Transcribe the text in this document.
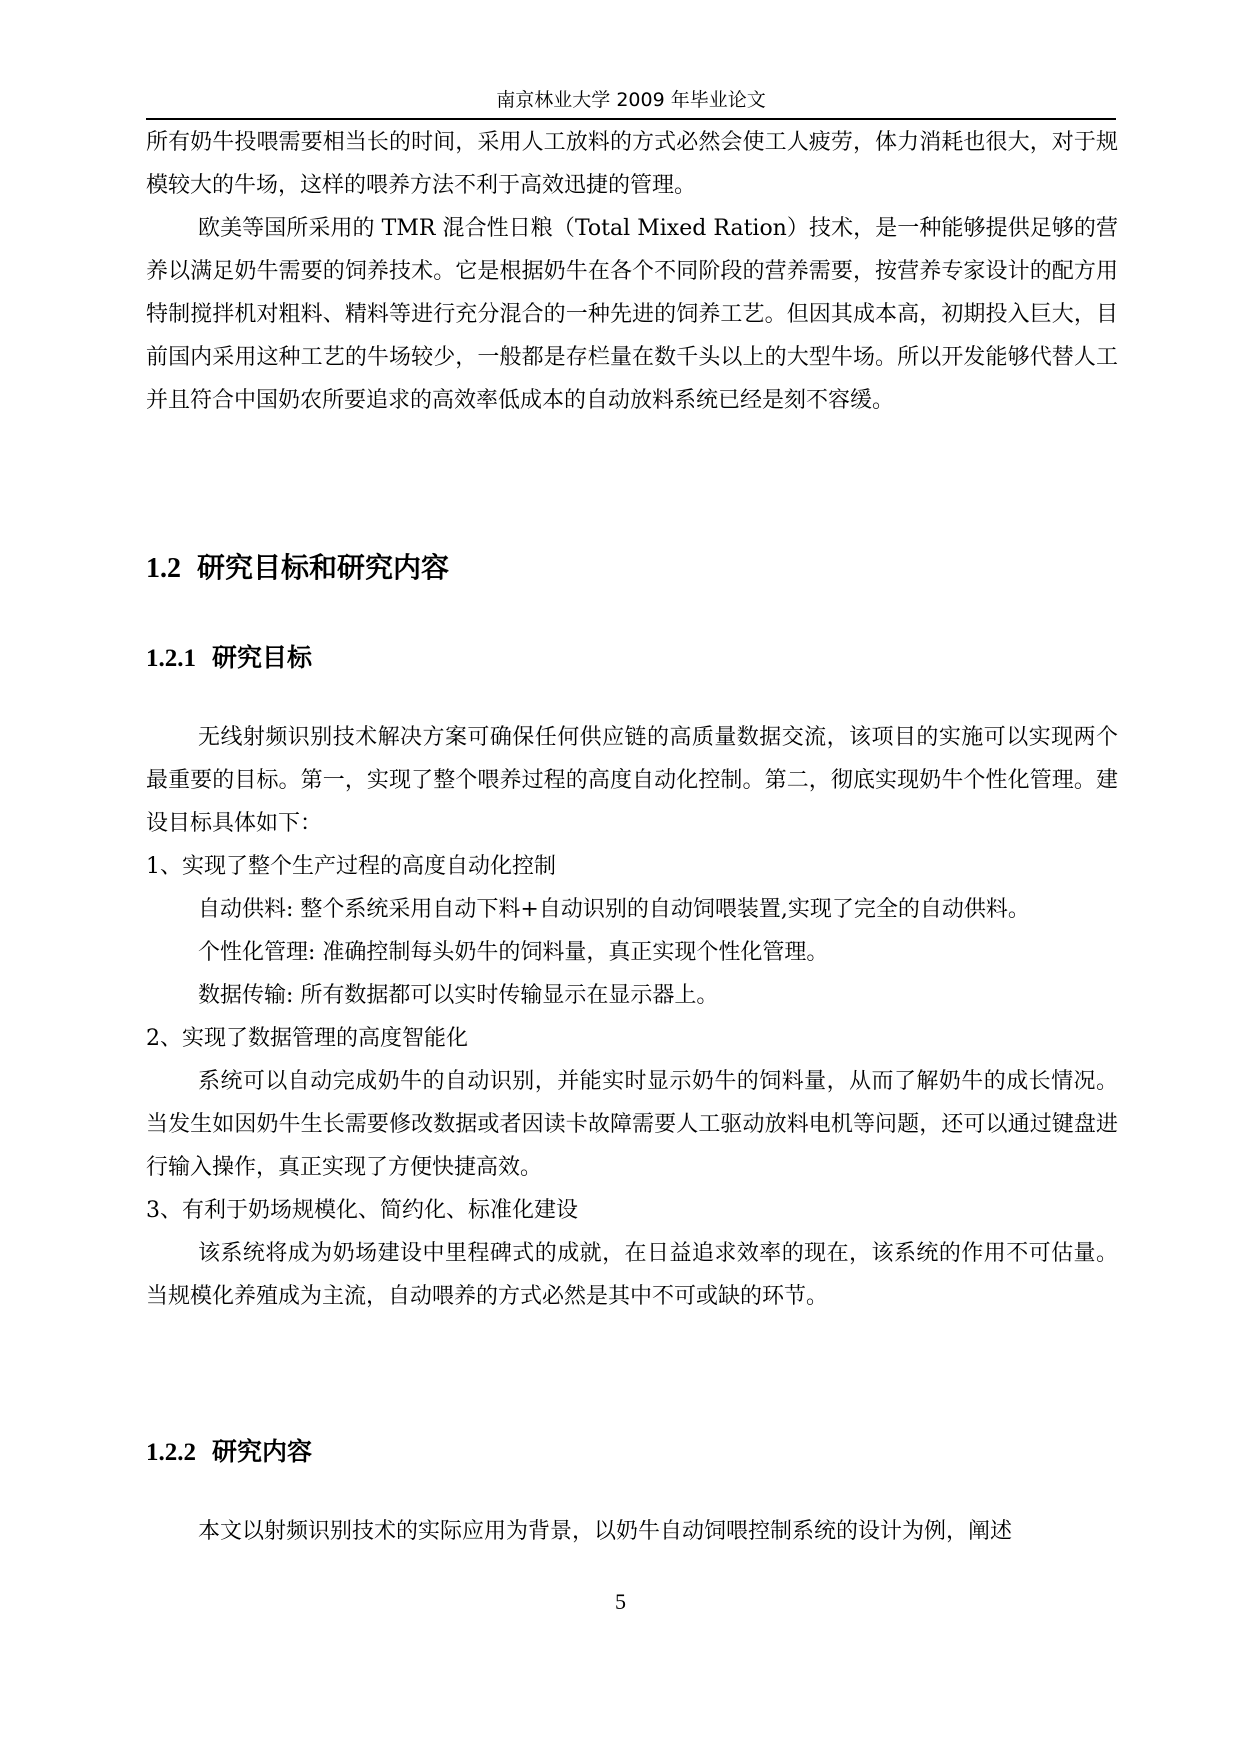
南京林业大学 2009 年毕业论文

所有奶牛投喂需要相当长的时间，采用人工放料的方式必然会使工人疲劳，体力消耗也很大，对于规模较大的牛场，这样的喂养方法不利于高效迅捷的管理。

欧美等国所采用的 TMR 混合性日粮（Total Mixed Ration）技术，是一种能够提供足够的营养以满足奶牛需要的饲养技术。它是根据奶牛在各个不同阶段的营养需要，按营养专家设计的配方用特制搅拌机对粗料、精料等进行充分混合的一种先进的饲养工艺。但因其成本高，初期投入巨大，目前国内采用这种工艺的牛场较少，一般都是存栏量在数千头以上的大型牛场。所以开发能够代替人工并且符合中国奶农所要追求的高效率低成本的自动放料系统已经是刻不容缓。

1.2 研究目标和研究内容
1.2.1 研究目标

无线射频识别技术解决方案可确保任何供应链的高质量数据交流，该项目的实施可以实现两个最重要的目标。第一，实现了整个喂养过程的高度自动化控制。第二，彻底实现奶牛个性化管理。建设目标具体如下：

1、实现了整个生产过程的高度自动化控制

自动供料: 整个系统采用自动下料+自动识别的自动饲喂装置,实现了完全的自动供料。

个性化管理: 准确控制每头奶牛的饲料量，真正实现个性化管理。

数据传输: 所有数据都可以实时传输显示在显示器上。

2、实现了数据管理的高度智能化

系统可以自动完成奶牛的自动识别，并能实时显示奶牛的饲料量，从而了解奶牛的成长情况。当发生如因奶牛生长需要修改数据或者因读卡故障需要人工驱动放料电机等问题，还可以通过键盘进行输入操作，真正实现了方便快捷高效。

3、有利于奶场规模化、简约化、标准化建设

该系统将成为奶场建设中里程碑式的成就，在日益追求效率的现在，该系统的作用不可估量。当规模化养殖成为主流，自动喂养的方式必然是其中不可或缺的环节。

1.2.2 研究内容

本文以射频识别技术的实际应用为背景，以奶牛自动饲喂控制系统的设计为例，阐述

5
